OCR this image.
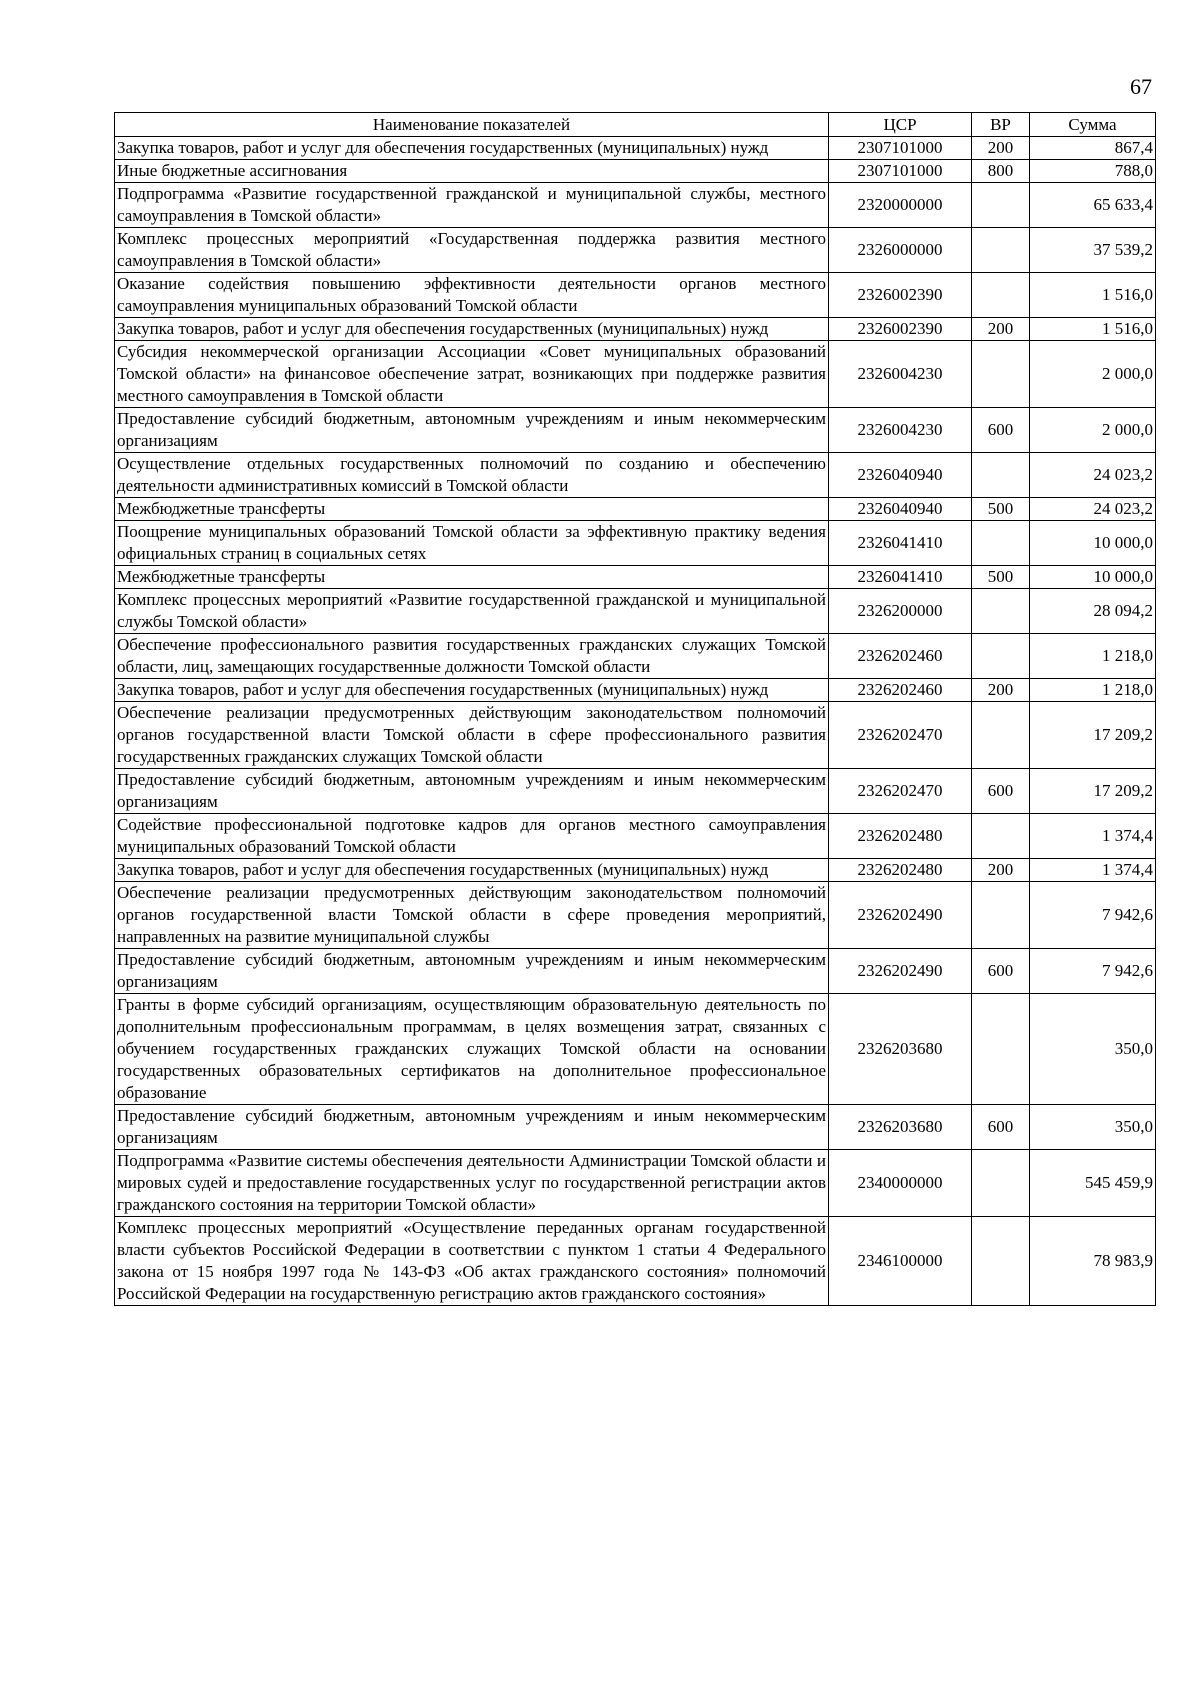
67
Наименование показателей	ЦСР	ВР	Сумма
Закупка товаров, работ и услуг для обеспечения государственных (муниципальных) нужд	2307101000	200	867,4
Иные бюджетные ассигнования	2307101000	800	788,0
Подпрограмма «Развитие государственной гражданской и муниципальной службы, местного самоуправления в Томской области»	2320000000		65 633,4
Комплекс процессных мероприятий «Государственная поддержка развития местного самоуправления в Томской области»	2326000000		37 539,2
Оказание содействия повышению эффективности деятельности органов местного самоуправления муниципальных образований Томской области	2326002390		1 516,0
Закупка товаров, работ и услуг для обеспечения государственных (муниципальных) нужд	2326002390	200	1 516,0
Субсидия некоммерческой организации Ассоциации «Совет муниципальных образований Томской области» на финансовое обеспечение затрат, возникающих при поддержке развития местного самоуправления в Томской области	2326004230		2 000,0
Предоставление субсидий бюджетным, автономным учреждениям и иным некоммерческим организациям	2326004230	600	2 000,0
Осуществление отдельных государственных полномочий по созданию и обеспечению деятельности административных комиссий в Томской области	2326040940		24 023,2
Межбюджетные трансферты	2326040940	500	24 023,2
Поощрение муниципальных образований Томской области за эффективную практику ведения официальных страниц в социальных сетях	2326041410		10 000,0
Межбюджетные трансферты	2326041410	500	10 000,0
Комплекс процессных мероприятий «Развитие государственной гражданской и муниципальной службы Томской области»	2326200000		28 094,2
Обеспечение профессионального развития государственных гражданских служащих Томской области, лиц, замещающих государственные должности Томской области	2326202460		1 218,0
Закупка товаров, работ и услуг для обеспечения государственных (муниципальных) нужд	2326202460	200	1 218,0
Обеспечение реализации предусмотренных действующим законодательством полномочий органов государственной власти Томской области в сфере профессионального развития государственных гражданских служащих Томской области	2326202470		17 209,2
Предоставление субсидий бюджетным, автономным учреждениям и иным некоммерческим организациям	2326202470	600	17 209,2
Содействие профессиональной подготовке кадров для органов местного самоуправления муниципальных образований Томской области	2326202480		1 374,4
Закупка товаров, работ и услуг для обеспечения государственных (муниципальных) нужд	2326202480	200	1 374,4
Обеспечение реализации предусмотренных действующим законодательством полномочий органов государственной власти Томской области в сфере проведения мероприятий, направленных на развитие муниципальной службы	2326202490		7 942,6
Предоставление субсидий бюджетным, автономным учреждениям и иным некоммерческим организациям	2326202490	600	7 942,6
Гранты в форме субсидий организациям, осуществляющим образовательную деятельность по дополнительным профессиональным программам, в целях возмещения затрат, связанных с обучением государственных гражданских служащих Томской области на основании государственных образовательных сертификатов на дополнительное профессиональное образование	2326203680		350,0
Предоставление субсидий бюджетным, автономным учреждениям и иным некоммерческим организациям	2326203680	600	350,0
Подпрограмма «Развитие системы обеспечения деятельности Администрации Томской области и мировых судей и предоставление государственных услуг по государственной регистрации актов гражданского состояния на территории Томской области»	2340000000		545 459,9
Комплекс процессных мероприятий «Осуществление переданных органам государственной власти субъектов Российской Федерации в соответствии с пунктом 1 статьи 4 Федерального закона от 15 ноября 1997 года № 143-ФЗ «Об актах гражданского состояния» полномочий Российской Федерации на государственную регистрацию актов гражданского состояния»	2346100000		78 983,9
